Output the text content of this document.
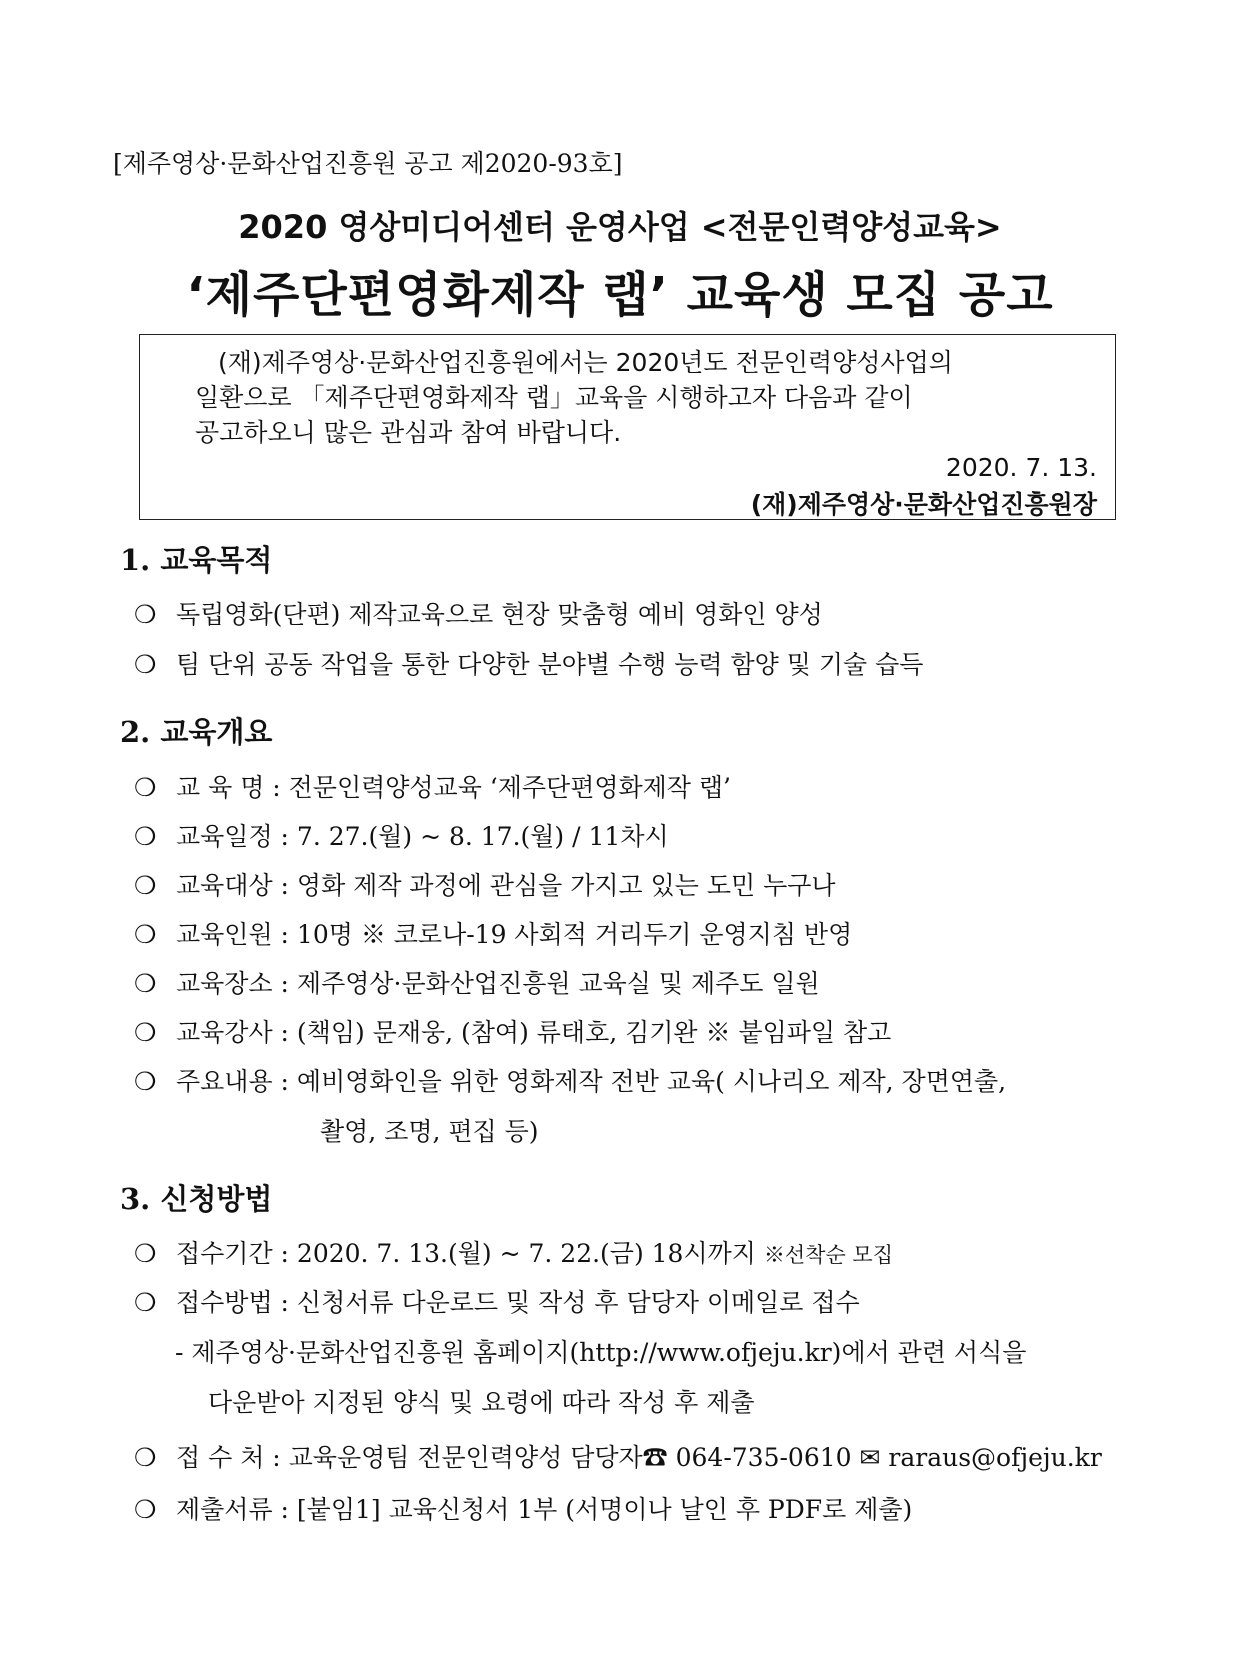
[제주영상·문화산업진흥원 공고 제2020-93호]
2020 영상미디어센터 운영사업 <전문인력양성교육>
‘제주단편영화제작 랩’ 교육생 모집 공고
(재)제주영상·문화산업진흥원에서는 2020년도 전문인력양성사업의
일환으로 「제주단편영화제작 랩」교육을 시행하고자 다음과 같이
공고하오니 많은 관심과 참여 바랍니다.
2020. 7. 13.
(재)제주영상·문화산업진흥원장
1. 교육목적
❍ 독립영화(단편) 제작교육으로 현장 맞춤형 예비 영화인 양성
❍ 팀 단위 공동 작업을 통한 다양한 분야별 수행 능력 함양 및 기술 습득
2. 교육개요
❍ 교 육 명 : 전문인력양성교육 ‘제주단편영화제작 랩’
❍ 교육일정 : 7. 27.(월) ~ 8. 17.(월) / 11차시
❍ 교육대상 : 영화 제작 과정에 관심을 가지고 있는 도민 누구나
❍ 교육인원 : 10명 ※ 코로나-19 사회적 거리두기 운영지침 반영
❍ 교육장소 : 제주영상·문화산업진흥원 교육실 및 제주도 일원
❍ 교육강사 : (책임) 문재웅, (참여) 류태호, 김기완 ※ 붙임파일 참고
❍ 주요내용 : 예비영화인을 위한 영화제작 전반 교육( 시나리오 제작, 장면연출,
촬영, 조명, 편집 등)
3. 신청방법
❍ 접수기간 : 2020. 7. 13.(월) ~ 7. 22.(금) 18시까지 ※선착순 모집
❍ 접수방법 : 신청서류 다운로드 및 작성 후 담당자 이메일로 접수
- 제주영상·문화산업진흥원 홈페이지(http://www.ofjeju.kr)에서 관련 서식을
다운받아 지정된 양식 및 요령에 따라 작성 후 제출
❍ 접 수 처 : 교육운영팀 전문인력양성 담당자☎ 064-735-0610 ✉ raraus@ofjeju.kr
❍ 제출서류 : [붙임1] 교육신청서 1부 (서명이나 날인 후 PDF로 제출)
